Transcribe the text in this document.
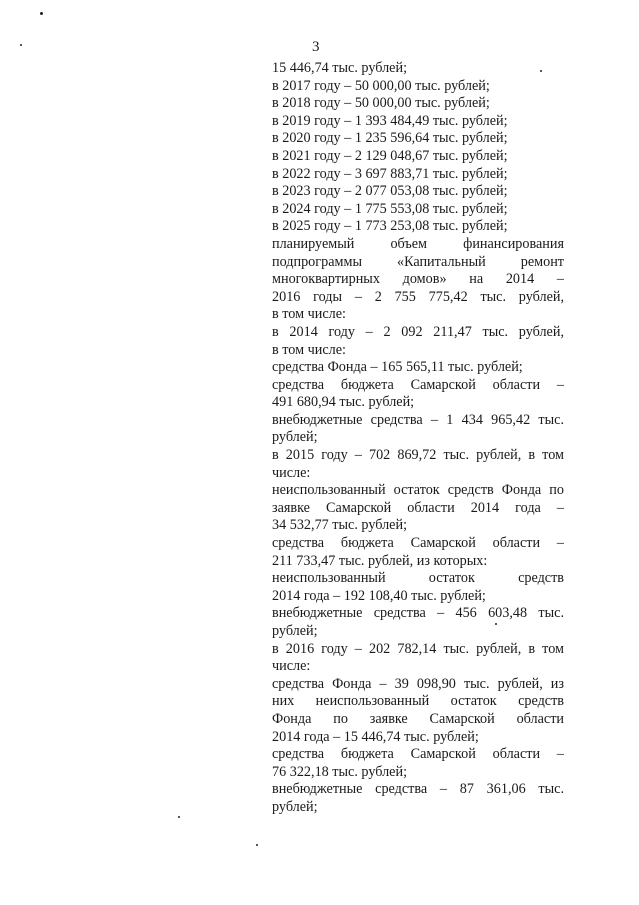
3
15 446,74 тыс. рублей;
в 2017 году – 50 000,00 тыс. рублей;
в 2018 году – 50 000,00 тыс. рублей;
в 2019 году – 1 393 484,49 тыс. рублей;
в 2020 году – 1 235 596,64 тыс. рублей;
в 2021 году – 2 129 048,67 тыс. рублей;
в 2022 году – 3 697 883,71 тыс. рублей;
в 2023 году – 2 077 053,08 тыс. рублей;
в 2024 году – 1 775 553,08 тыс. рублей;
в 2025 году – 1 773 253,08 тыс. рублей;
планируемый объем финансирования
подпрограммы «Капитальный ремонт
многоквартирных домов» на 2014 –
2016 годы – 2 755 775,42 тыс. рублей,
в том числе:
в 2014 году – 2 092 211,47 тыс. рублей,
в том числе:
средства Фонда – 165 565,11 тыс. рублей;
средства бюджета Самарской области –
491 680,94 тыс. рублей;
внебюджетные средства – 1 434 965,42 тыс.
рублей;
в 2015 году – 702 869,72 тыс. рублей, в том
числе:
неиспользованный остаток средств Фонда по
заявке Самарской области 2014 года –
34 532,77 тыс. рублей;
средства бюджета Самарской области –
211 733,47 тыс. рублей, из которых:
неиспользованный остаток средств
2014 года – 192 108,40 тыс. рублей;
внебюджетные средства – 456 603,48 тыс.
рублей;
в 2016 году – 202 782,14 тыс. рублей, в том
числе:
средства Фонда – 39 098,90 тыс. рублей, из
них неиспользованный остаток средств
Фонда по заявке Самарской области
2014 года – 15 446,74 тыс. рублей;
средства бюджета Самарской области –
76 322,18 тыс. рублей;
внебюджетные средства – 87 361,06 тыс.
рублей;
